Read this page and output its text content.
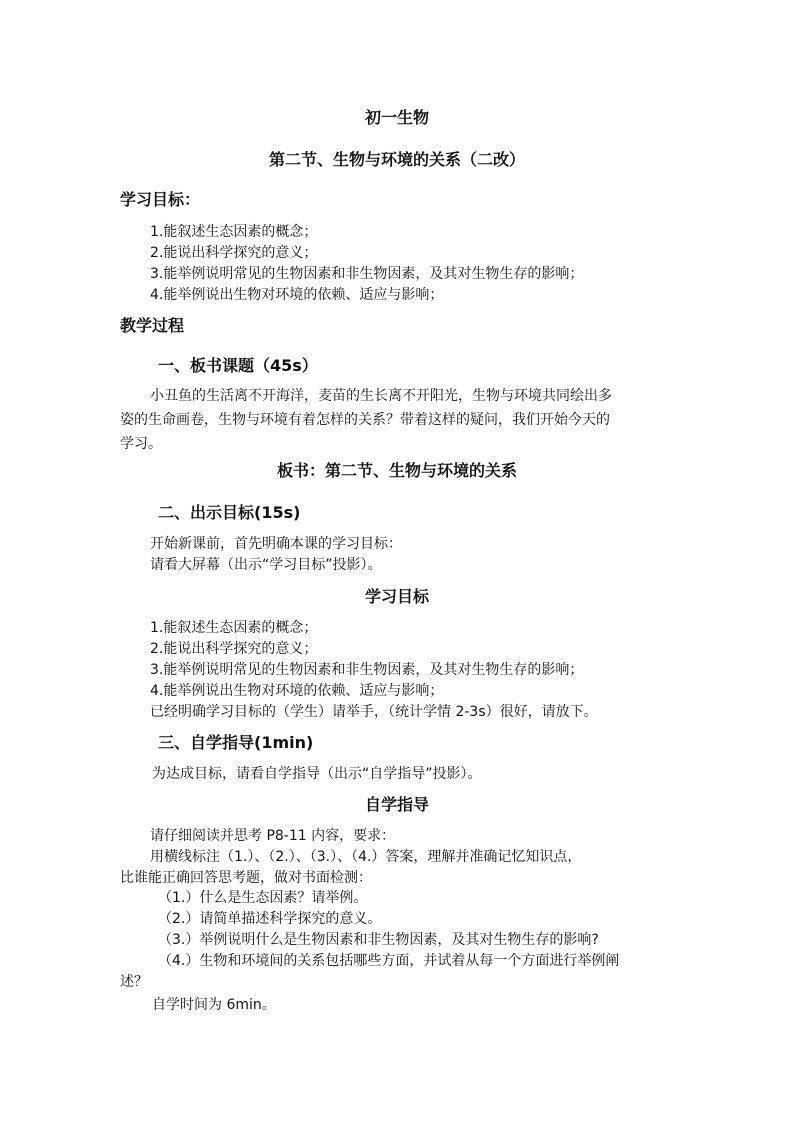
初一生物
第二节、生物与环境的关系（二改）
学习目标：
1.能叙述生态因素的概念；
2.能说出科学探究的意义；
3.能举例说明常见的生物因素和非生物因素，及其对生物生存的影响；
4.能举例说出生物对环境的依赖、适应与影响；
教学过程
一、板书课题（45s）
小丑鱼的生活离不开海洋，麦苗的生长离不开阳光，生物与环境共同绘出多
姿的生命画卷，生物与环境有着怎样的关系？带着这样的疑问，我们开始今天的
学习。
板书：第二节、生物与环境的关系
二、出示目标(15s)
开始新课前，首先明确本课的学习目标：
请看大屏幕（出示“学习目标”投影）。
学习目标
1.能叙述生态因素的概念；
2.能说出科学探究的意义；
3.能举例说明常见的生物因素和非生物因素，及其对生物生存的影响；
4.能举例说出生物对环境的依赖、适应与影响；
已经明确学习目标的（学生）请举手，（统计学情 2-3s）很好，请放下。
三、自学指导(1min)
为达成目标，请看自学指导（出示“自学指导”投影）。
自学指导
请仔细阅读并思考 P8-11 内容，要求：
用横线标注（1.）、（2.）、（3.）、（4.）答案，理解并准确记忆知识点，
比谁能正确回答思考题，做对书面检测：
（1.）什么是生态因素？请举例。
（2.）请简单描述科学探究的意义。
（3.）举例说明什么是生物因素和非生物因素，及其对生物生存的影响?
（4.）生物和环境间的关系包括哪些方面，并试着从每一个方面进行举例阐
述？
自学时间为 6min。
